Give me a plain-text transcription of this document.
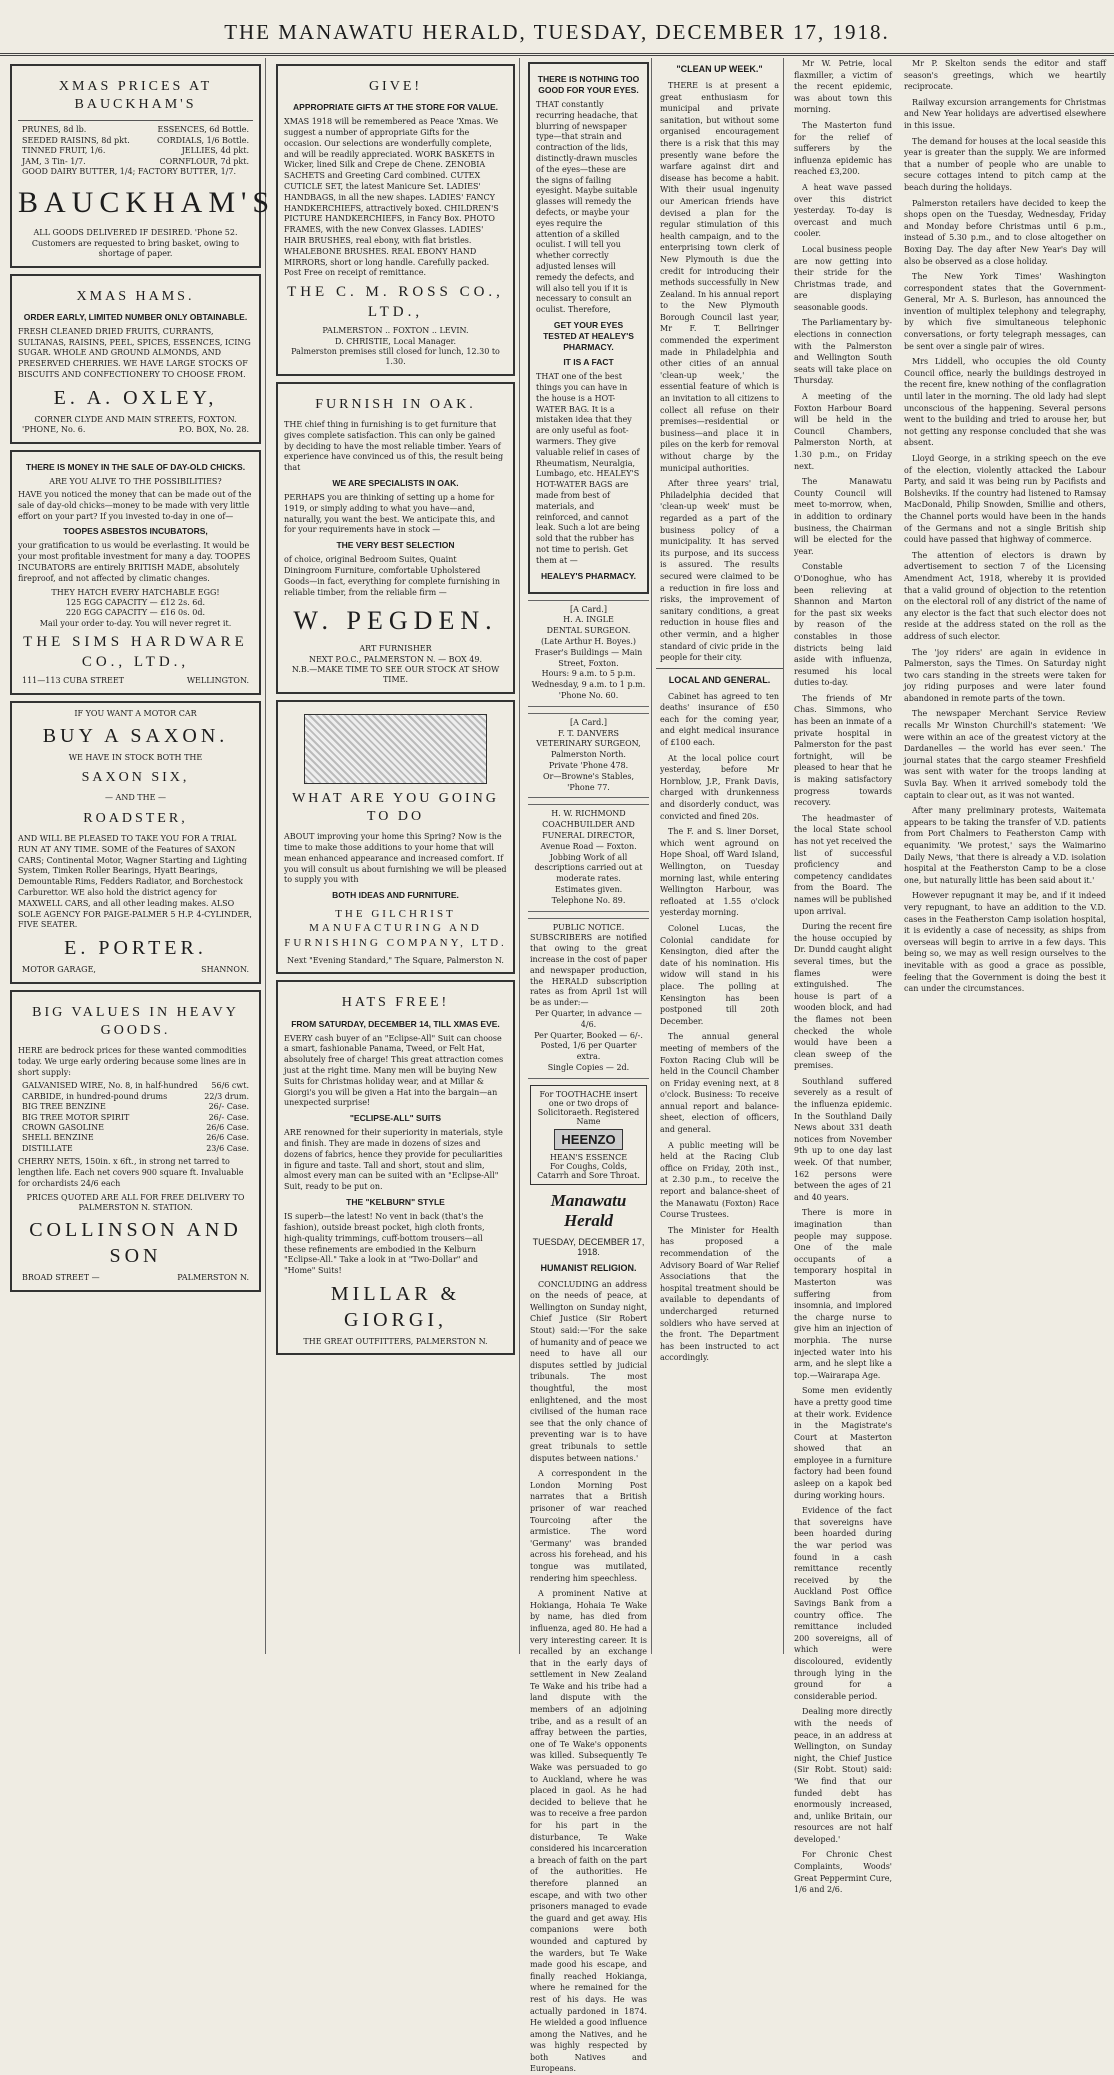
THE MANAWATU HERALD, TUESDAY, DECEMBER 17, 1918.
XMAS PRICES AT BAUCKHAM'S
PRUNES, 8d lb.	ESSENCES, 6d Bottle.
SEEDED RAISINS, 8d pkt.	CORDIALS, 1/6 Bottle.
TINNED FRUIT, 1/6.	JELLIES, 4d pkt.
JAM, 3 Tin- 1/7.	CORNFLOUR, 7d pkt.
GOOD DAIRY BUTTER, 1/4; FACTORY BUTTER, 1/7.
BAUCKHAM'S
ALL GOODS DELIVERED IF DESIRED. 'Phone 52.
Customers are requested to bring basket, owing to shortage of paper.
XMAS HAMS.
ORDER EARLY, LIMITED NUMBER ONLY OBTAINABLE.
FRESH CLEANED DRIED FRUITS, CURRANTS, SULTANAS, RAISINS, PEEL, SPICES, ESSENCES, ICING SUGAR. WHOLE AND GROUND ALMONDS, AND PRESERVED CHERRIES. WE HAVE LARGE STOCKS OF BISCUITS AND CONFECTIONERY TO CHOOSE FROM.
E. A. OXLEY,
CORNER CLYDE AND MAIN STREETS, FOXTON.
'PHONE, No. 6.	P.O. BOX, No. 28.
THERE IS MONEY IN THE SALE OF DAY-OLD CHICKS.
ARE YOU ALIVE TO THE POSSIBILITIES?
HAVE you noticed the money that can be made out of the sale of day-old chicks—money to be made with very little effort on your part? If you invested to-day in one of—
TOOPES ASBESTOS INCUBATORS,
your gratification to us would be everlasting. It would be your most profitable investment for many a day. TOOPES INCUBATORS are entirely BRITISH MADE, absolutely fireproof, and not affected by climatic changes.
THEY HATCH EVERY HATCHABLE EGG!
125 EGG CAPACITY — £12 2s. 6d.
220 EGG CAPACITY — £16 0s. 0d.
Mail your order to-day. You will never regret it.
THE SIMS HARDWARE CO., LTD.,
111—113 CUBA STREET	WELLINGTON.
IF YOU WANT A MOTOR CAR
BUY A SAXON.
WE HAVE IN STOCK BOTH THE
SAXON SIX,
— AND THE —
ROADSTER,
AND WILL BE PLEASED TO TAKE YOU FOR A TRIAL RUN AT ANY TIME. SOME of the Features of SAXON CARS; Continental Motor, Wagner Starting and Lighting System, Timken Roller Bearings, Hyatt Bearings, Demountable Rims, Fedders Radiator, and Borchestock Carburettor. WE also hold the district agency for MAXWELL CARS, and all other leading makes. ALSO SOLE AGENCY FOR PAIGE-PALMER 5 H.P. 4-CYLINDER, FIVE SEATER.
E. PORTER.
MOTOR GARAGE,	SHANNON.
BIG VALUES IN HEAVY GOODS.
HERE are bedrock prices for these wanted commodities today. We urge early ordering because some lines are in short supply:
GALVANISED WIRE, No. 8, in half-hundred 56/6 cwt.
CARBIDE, in hundred-pound drums	22/3 drum.
BIG TREE BENZINE	26/- Case.
BIG TREE MOTOR SPIRIT	26/- Case.
CROWN GASOLINE	26/6 Case.
SHELL BENZINE	26/6 Case.
DISTILLATE	23/6 Case.
CHERRY NETS, 150in. x 6ft., in strong net tarred to lengthen life. Each net covers 900 square ft. Invaluable for orchardists 24/6 each
PRICES QUOTED ARE ALL FOR FREE DELIVERY TO PALMERSTON N. STATION.
COLLINSON AND SON
BROAD STREET —	PALMERSTON N.
GIVE!
APPROPRIATE GIFTS AT THE STORE FOR VALUE.
XMAS 1918 will be remembered as Peace 'Xmas. We suggest a number of appropriate Gifts for the occasion. Our selections are wonderfully complete, and will be readily appreciated. WORK BASKETS in Wicker, lined Silk and Crepe de Chene. ZENOBIA SACHETS and Greeting Card combined. CUTEX CUTICLE SET, the latest Manicure Set. LADIES' HANDBAGS, in all the new shapes. LADIES' FANCY HANDKERCHIEFS, attractively boxed. CHILDREN'S PICTURE HANDKERCHIEFS, in Fancy Box. PHOTO FRAMES, with the new Convex Glasses. LADIES' HAIR BRUSHES, real ebony, with flat bristles. WHALEBONE BRUSHES. REAL EBONY HAND MIRRORS, short or long handle. Carefully packed. Post Free on receipt of remittance.
THE C. M. ROSS CO., LTD.,
PALMERSTON .. FOXTON .. LEVIN.
D. CHRISTIE, Local Manager.
Palmerston premises still closed for lunch, 12.30 to 1.30.
FURNISH IN OAK.
THE chief thing in furnishing is to get furniture that gives complete satisfaction. This can only be gained by deciding to have the most reliable timber. Years of experience have convinced us of this, the result being that
WE ARE SPECIALISTS IN OAK.
PERHAPS you are thinking of setting up a home for 1919, or simply adding to what you have—and, naturally, you want the best. We anticipate this, and for your requirements have in stock —
THE VERY BEST SELECTION
of choice, original Bedroom Suites, Quaint Diningroom Furniture, comfortable Upholstered Goods—in fact, everything for complete furnishing in reliable timber, from the reliable firm —
W. PEGDEN.
ART FURNISHER
NEXT P.O.C., PALMERSTON N. — BOX 49.
N.B.—MAKE TIME TO SEE OUR STOCK AT SHOW TIME.
WHAT ARE YOU GOING TO DO
ABOUT improving your home this Spring? Now is the time to make those additions to your home that will mean enhanced appearance and increased comfort. If you will consult us about furnishing we will be pleased to supply you with
BOTH IDEAS AND FURNITURE.
THE GILCHRIST MANUFACTURING AND FURNISHING COMPANY, LTD.
Next "Evening Standard," The Square, Palmerston N.
HATS FREE!
FROM SATURDAY, DECEMBER 14, TILL XMAS EVE.
EVERY cash buyer of an "Eclipse-All" Suit can choose a smart, fashionable Panama, Tweed, or Felt Hat, absolutely free of charge! This great attraction comes just at the right time. Many men will be buying New Suits for Christmas holiday wear, and at Millar & Giorgi's you will be given a Hat into the bargain—an unexpected surprise!
"ECLIPSE-ALL" SUITS
ARE renowned for their superiority in materials, style and finish. They are made in dozens of sizes and dozens of fabrics, hence they provide for peculiarities in figure and taste. Tall and short, stout and slim, almost every man can be suited with an "Eclipse-All" Suit, ready to be put on.
THE "KELBURN" STYLE
IS superb—the latest! No vent in back (that's the fashion), outside breast pocket, high cloth fronts, high-quality trimmings, cuff-bottom trousers—all these refinements are embodied in the Kelburn "Eclipse-All." Take a look in at "Two-Dollar" and "Home" Suits!
MILLAR & GIORGI,
THE GREAT OUTFITTERS, PALMERSTON N.
THERE IS NOTHING TOO GOOD FOR YOUR EYES.
THAT constantly recurring headache, that blurring of newspaper type—that strain and contraction of the lids, distinctly-drawn muscles of the eyes—these are the signs of failing eyesight. Maybe suitable glasses will remedy the defects, or maybe your eyes require the attention of a skilled oculist. I will tell you whether correctly adjusted lenses will remedy the defects, and will also tell you if it is necessary to consult an oculist. Therefore,
GET YOUR EYES TESTED AT HEALEY'S PHARMACY.
IT IS A FACT
THAT one of the best things you can have in the house is a HOT-WATER BAG. It is a mistaken idea that they are only useful as foot-warmers. They give valuable relief in cases of Rheumatism, Neuralgia, Lumbago, etc. HEALEY'S HOT-WATER BAGS are made from best of materials, and reinforced, and cannot leak. Such a lot are being sold that the rubber has not time to perish. Get them at —
HEALEY'S PHARMACY.
[A Card.]
H. A. INGLE
DENTAL SURGEON.
(Late Arthur H. Boyes.)
Fraser's Buildings — Main Street, Foxton.
Hours: 9 a.m. to 5 p.m. Wednesday, 9 a.m. to 1 p.m.
'Phone No. 60.
[A Card.]
F. T. DANVERS
VETERINARY SURGEON,
Palmerston North.
Private 'Phone 478.
Or—Browne's Stables, 'Phone 77.
H. W. RICHMOND
COACHBUILDER AND FUNERAL DIRECTOR,
Avenue Road — Foxton.
Jobbing Work of all descriptions carried out at moderate rates.
Estimates given.
Telephone No. 89.
PUBLIC NOTICE.
SUBSCRIBERS are notified that owing to the great increase in the cost of paper and newspaper production, the HERALD subscription rates as from April 1st will be as under:—
Per Quarter, in advance — 4/6.
Per Quarter, Booked — 6/-.
Posted, 1/6 per Quarter extra.
Single Copies — 2d.
For TOOTHACHE insert
one or two drops of Solicitoraeth. Registered Name
HEENZO
HEAN'S ESSENCE
For Coughs, Colds, Catarrh and Sore Throat.
Manawatu Herald
TUESDAY, DECEMBER 17, 1918.
HUMANIST RELIGION.

CONCLUDING an address on the needs of peace, at Wellington on Sunday night, Chief Justice (Sir Robert Stout) said:—'For the sake of humanity and of peace we need to have all our disputes settled by judicial tribunals. The most thoughtful, the most enlightened, and the most civilised of the human race see that the only chance of preventing war is to have great tribunals to settle disputes between nations.'

A correspondent in the London Morning Post narrates that a British prisoner of war reached Tourcoing after the armistice. The word 'Germany' was branded across his forehead, and his tongue was mutilated, rendering him speechless.

A prominent Native at Hokianga, Hohaia Te Wake by name, has died from influenza, aged 80. He had a very interesting career. It is recalled by an exchange that in the early days of settlement in New Zealand Te Wake and his tribe had a land dispute with the members of an adjoining tribe, and as a result of an affray between the parties, one of Te Wake's opponents was killed. Subsequently Te Wake was persuaded to go to Auckland, where he was placed in gaol. As he had decided to believe that he was to receive a free pardon for his part in the disturbance, Te Wake considered his incarceration a breach of faith on the part of the authorities. He therefore planned an escape, and with two other prisoners managed to evade the guard and get away. His companions were both wounded and captured by the warders, but Te Wake made good his escape, and finally reached Hokianga, where he remained for the rest of his days. He was actually pardoned in 1874. He wielded a good influence among the Natives, and he was highly respected by both Natives and Europeans.

"CLEAN UP WEEK."

THERE is at present a great enthusiasm for municipal and private sanitation, but without some organised encouragement there is a risk that this may presently wane before the warfare against dirt and disease has become a habit. With their usual ingenuity our American friends have devised a plan for the regular stimulation of this health campaign, and to the enterprising town clerk of New Plymouth is due the credit for introducing their methods successfully in New Zealand. In his annual report to the New Plymouth Borough Council last year, Mr F. T. Bellringer commended the experiment made in Philadelphia and other cities of an annual 'clean-up week,' the essential feature of which is an invitation to all citizens to collect all refuse on their premises—residential or business—and place it in piles on the kerb for removal without charge by the municipal authorities.

After three years' trial, Philadelphia decided that 'clean-up week' must be regarded as a part of the business policy of a municipality. It has served its purpose, and its success is assured. The results secured were claimed to be a reduction in fire loss and risks, the improvement of sanitary conditions, a great reduction in house flies and other vermin, and a higher standard of civic pride in the people for their city.

LOCAL AND GENERAL.

Cabinet has agreed to ten deaths' insurance of £50 each for the coming year, and eight medical insurance of £100 each.

At the local police court yesterday, before Mr Hornblow, J.P., Frank Davis, charged with drunkenness and disorderly conduct, was convicted and fined 20s.

The F. and S. liner Dorset, which went aground on Hope Shoal, off Ward Island, Wellington, on Tuesday morning last, while entering Wellington Harbour, was refloated at 1.55 o'clock yesterday morning.

Colonel Lucas, the Colonial candidate for Kensington, died after the date of his nomination. His widow will stand in his place. The polling at Kensington has been postponed till 20th December.

The annual general meeting of members of the Foxton Racing Club will be held in the Council Chamber on Friday evening next, at 8 o'clock. Business: To receive annual report and balance-sheet, election of officers, and general.

A public meeting will be held at the Racing Club office on Friday, 20th inst., at 2.30 p.m., to receive the report and balance-sheet of the Manawatu (Foxton) Race Course Trustees.

The Minister for Health has proposed a recommendation of the Advisory Board of War Relief Associations that the hospital treatment should be available to dependants of undercharged returned soldiers who have served at the front. The Department has been instructed to act accordingly.

Mr W. Petrie, local flaxmiller, a victim of the recent epidemic, was about town this morning.

The Masterton fund for the relief of sufferers by the influenza epidemic has reached £3,200.

A heat wave passed over this district yesterday. To-day is overcast and much cooler.

Local business people are now getting into their stride for the Christmas trade, and are displaying seasonable goods.

The Parliamentary by-elections in connection with the Palmerston and Wellington South seats will take place on Thursday.

A meeting of the Foxton Harbour Board will be held in the Council Chambers, Palmerston North, at 1.30 p.m., on Friday next.

The Manawatu County Council will meet to-morrow, when, in addition to ordinary business, the Chairman will be elected for the year.

Constable O'Donoghue, who has been relieving at Shannon and Marton for the past six weeks by reason of the constables in those districts being laid aside with influenza, resumed his local duties to-day.

The friends of Mr Chas. Simmons, who has been an inmate of a private hospital in Palmerston for the past fortnight, will be pleased to hear that he is making satisfactory progress towards recovery.

The headmaster of the local State school has not yet received the list of successful proficiency and competency candidates from the Board. The names will be published upon arrival.

During the recent fire the house occupied by Dr. Dundd caught alight several times, but the flames were extinguished. The house is part of a wooden block, and had the flames not been checked the whole would have been a clean sweep of the premises.

Southland suffered severely as a result of the influenza epidemic. In the Southland Daily News about 331 death notices from November 9th up to one day last week. Of that number, 162 persons were between the ages of 21 and 40 years.

There is more in imagination than people may suppose. One of the male occupants of a temporary hospital in Masterton was suffering from insomnia, and implored the charge nurse to give him an injection of morphia. The nurse injected water into his arm, and he slept like a top.—Wairarapa Age.

Some men evidently have a pretty good time at their work. Evidence in the Magistrate's Court at Masterton showed that an employee in a furniture factory had been found asleep on a kapok bed during working hours.

Evidence of the fact that sovereigns have been hoarded during the war period was found in a cash remittance recently received by the Auckland Post Office Savings Bank from a country office. The remittance included 200 sovereigns, all of which were discoloured, evidently through lying in the ground for a considerable period.

Dealing more directly with the needs of peace, in an address at Wellington, on Sunday night, the Chief Justice (Sir Robt. Stout) said: 'We find that our funded debt has enormously increased, and, unlike Britain, our resources are not half developed.'

For Chronic Chest Complaints, Woods' Great Peppermint Cure, 1/6 and 2/6.

Mr P. Skelton sends the editor and staff season's greetings, which we heartily reciprocate.

Railway excursion arrangements for Christmas and New Year holidays are advertised elsewhere in this issue.

The demand for houses at the local seaside this year is greater than the supply. We are informed that a number of people who are unable to secure cottages intend to pitch camp at the beach during the holidays.

Palmerston retailers have decided to keep the shops open on the Tuesday, Wednesday, Friday and Monday before Christmas until 6 p.m., instead of 5.30 p.m., and to close altogether on Boxing Day. The day after New Year's Day will also be observed as a close holiday.

The New York Times' Washington correspondent states that the Government-General, Mr A. S. Burleson, has announced the invention of multiplex telephony and telegraphy, by which five simultaneous telephonic conversations, or forty telegraph messages, can be sent over a single pair of wires.

Mrs Liddell, who occupies the old County Council office, nearly the buildings destroyed in the recent fire, knew nothing of the conflagration until later in the morning. The old lady had slept unconscious of the happening. Several persons went to the building and tried to arouse her, but not getting any response concluded that she was absent.

Lloyd George, in a striking speech on the eve of the election, violently attacked the Labour Party, and said it was being run by Pacifists and Bolsheviks. If the country had listened to Ramsay MacDonald, Philip Snowden, Smillie and others, the Channel ports would have been in the hands of the Germans and not a single British ship could have passed that highway of commerce.

The attention of electors is drawn by advertisement to section 7 of the Licensing Amendment Act, 1918, whereby it is provided that a valid ground of objection to the retention on the electoral roll of any district of the name of any elector is the fact that such elector does not reside at the address stated on the roll as the address of such elector.

The 'joy riders' are again in evidence in Palmerston, says the Times. On Saturday night two cars standing in the streets were taken for joy riding purposes and were later found abandoned in remote parts of the town.

The newspaper Merchant Service Review recalls Mr Winston Churchill's statement: 'We were within an ace of the greatest victory at the Dardanelles — the world has ever seen.' The journal states that the cargo steamer Freshfield was sent with water for the troops landing at Suvla Bay. When it arrived somebody told the captain to clear out, as it was not wanted.

After many preliminary protests, Waitemata appears to be taking the transfer of V.D. patients from Port Chalmers to Featherston Camp with equanimity. 'We protest,' says the Waimarino Daily News, 'that there is already a V.D. isolation hospital at the Featherston Camp to be a close one, but naturally little has been said about it.'

However repugnant it may be, and if it indeed very repugnant, to have an addition to the V.D. cases in the Featherston Camp isolation hospital, it is evidently a case of necessity, as ships from overseas will begin to arrive in a few days. This being so, we may as well resign ourselves to the inevitable with as good a grace as possible, feeling that the Government is doing the best it can under the circumstances.
